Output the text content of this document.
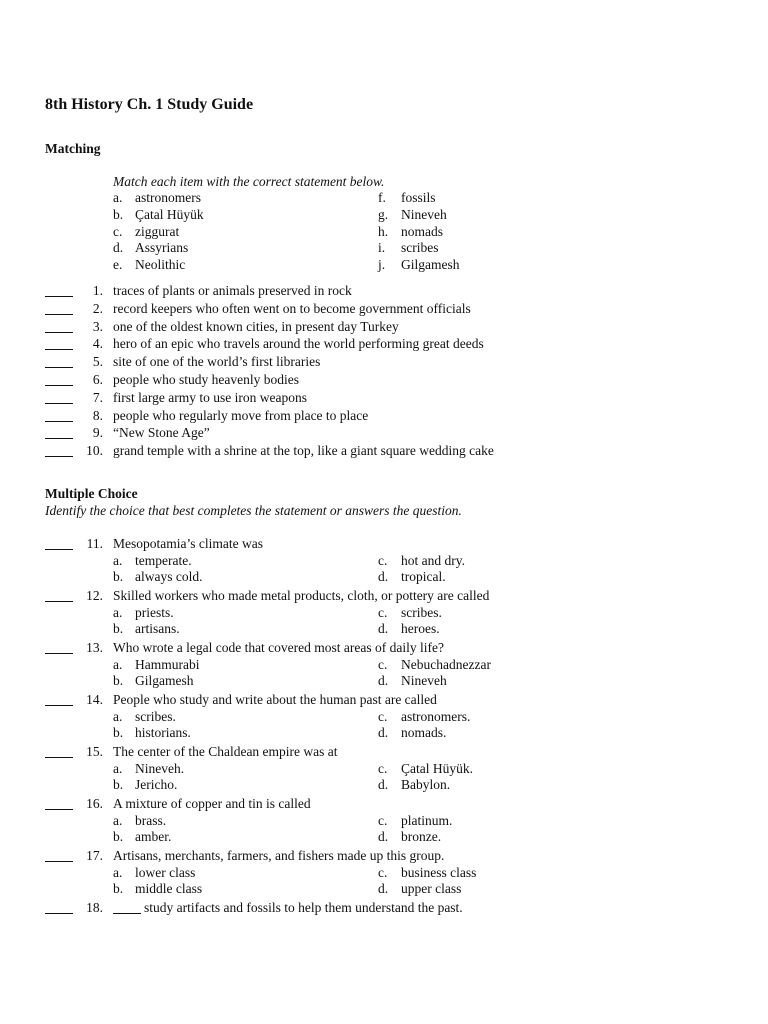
8th History Ch. 1 Study Guide
Matching
Match each item with the correct statement below.
a. astronomers
b. Çatal Hüyük
c. ziggurat
d. Assyrians
e. Neolithic
f. fossils
g. Nineveh
h. nomads
i. scribes
j. Gilgamesh
1. traces of plants or animals preserved in rock
2. record keepers who often went on to become government officials
3. one of the oldest known cities, in present day Turkey
4. hero of an epic who travels around the world performing great deeds
5. site of one of the world’s first libraries
6. people who study heavenly bodies
7. first large army to use iron weapons
8. people who regularly move from place to place
9. “New Stone Age”
10. grand temple with a shrine at the top, like a giant square wedding cake
Multiple Choice
Identify the choice that best completes the statement or answers the question.
11. Mesopotamia’s climate was
a. temperate.
b. always cold.
c. hot and dry.
d. tropical.
12. Skilled workers who made metal products, cloth, or pottery are called
a. priests.
b. artisans.
c. scribes.
d. heroes.
13. Who wrote a legal code that covered most areas of daily life?
a. Hammurabi
b. Gilgamesh
c. Nebuchadnezzar
d. Nineveh
14. People who study and write about the human past are called
a. scribes.
b. historians.
c. astronomers.
d. nomads.
15. The center of the Chaldean empire was at
a. Nineveh.
b. Jericho.
c. Çatal Hüyük.
d. Babylon.
16. A mixture of copper and tin is called
a. brass.
b. amber.
c. platinum.
d. bronze.
17. Artisans, merchants, farmers, and fishers made up this group.
a. lower class
b. middle class
c. business class
d. upper class
18.	study artifacts and fossils to help them understand the past.
